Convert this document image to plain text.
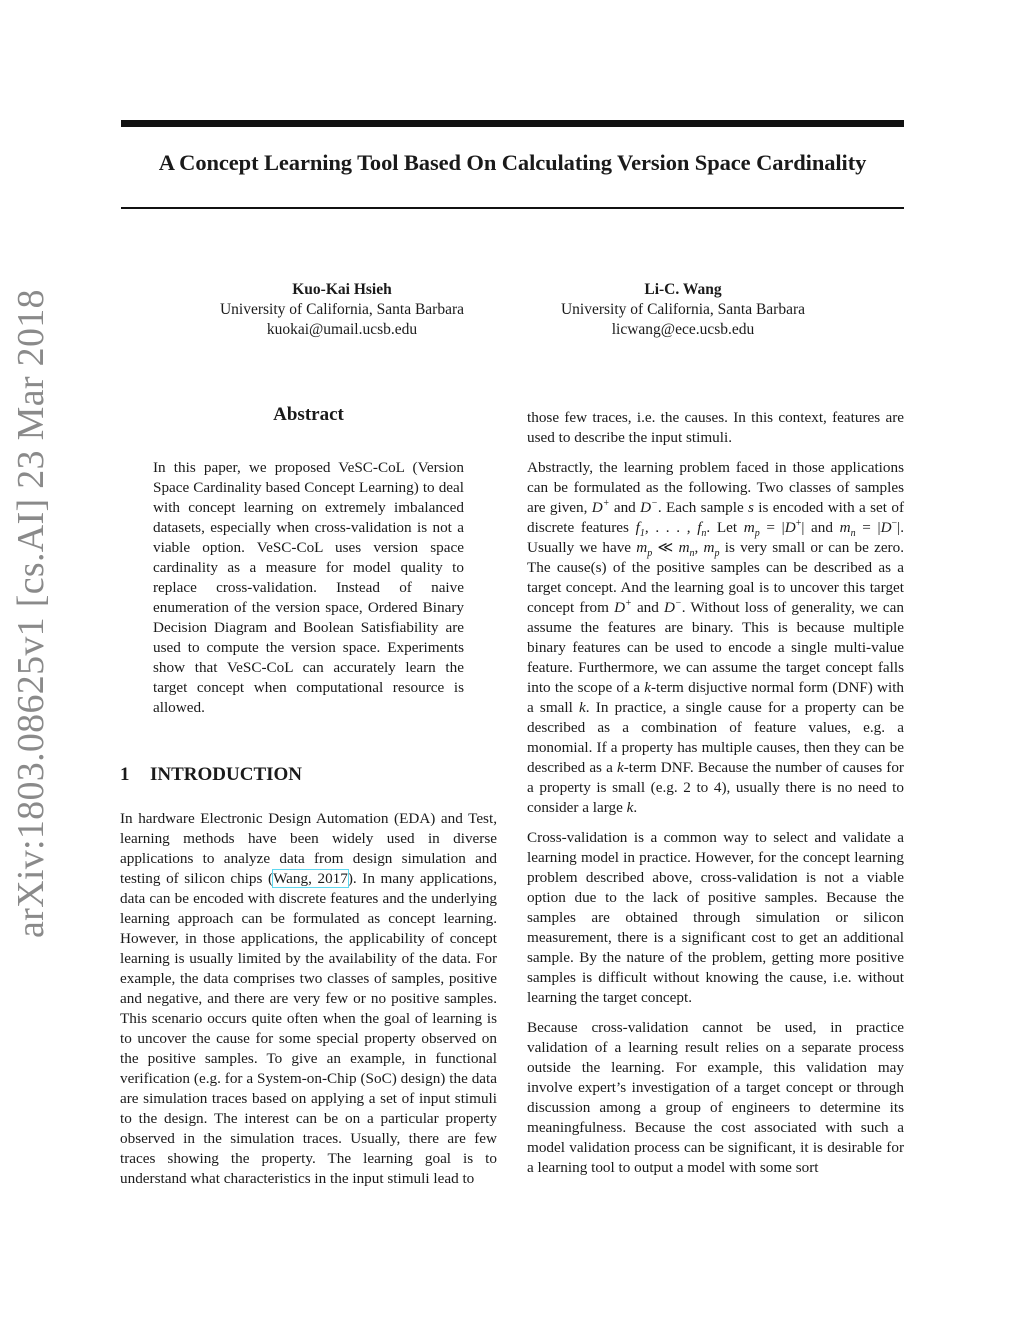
arXiv:1803.08625v1 [cs.AI] 23 Mar 2018
A Concept Learning Tool Based On Calculating Version Space Cardinality
Kuo-Kai Hsieh
University of California, Santa Barbara
kuokai@umail.ucsb.edu
Li-C. Wang
University of California, Santa Barbara
licwang@ece.ucsb.edu
Abstract

In this paper, we proposed VeSC-CoL (Version Space Cardinality based Concept Learning) to deal with concept learning on extremely imbalanced datasets, especially when cross-validation is not a viable option. VeSC-CoL uses version space cardinality as a measure for model quality to replace cross-validation. Instead of naive enumeration of the version space, Ordered Binary Decision Diagram and Boolean Satisfiability are used to compute the version space. Experiments show that VeSC-CoL can accurately learn the target concept when computational resource is allowed.

1 INTRODUCTION

In hardware Electronic Design Automation (EDA) and Test, learning methods have been widely used in diverse applications to analyze data from design simulation and testing of silicon chips (Wang, 2017). In many applications, data can be encoded with discrete features and the underlying learning approach can be formulated as concept learning. However, in those applications, the applicability of concept learning is usually limited by the availability of the data. For example, the data comprises two classes of samples, positive and negative, and there are very few or no positive samples. This scenario occurs quite often when the goal of learning is to uncover the cause for some special property observed on the positive samples. To give an example, in functional verification (e.g. for a System-on-Chip (SoC) design) the data are simulation traces based on applying a set of input stimuli to the design. The interest can be on a particular property observed in the simulation traces. Usually, there are few traces showing the property. The learning goal is to understand what characteristics in the input stimuli lead to

those few traces, i.e. the causes. In this context, features are used to describe the input stimuli.

Abstractly, the learning problem faced in those applications can be formulated as the following. Two classes of samples are given, D+ and D−. Each sample s is encoded with a set of discrete features $f_1$, . . . , $f_n$. Let $m_p = |D^+|$ and $m_n = |D^-|$. Usually we have $m_p$ ≪ $m_n$, $m_p$ is very small or can be zero. The cause(s) of the positive samples can be described as a target concept. And the learning goal is to uncover this target concept from D+ and D−. Without loss of generality, we can assume the features are binary. This is because multiple binary features can be used to encode a single multi-value feature. Furthermore, we can assume the target concept falls into the scope of a k-term disjuctive normal form (DNF) with a small k. In practice, a single cause for a property can be described as a combination of feature values, e.g. a monomial. If a property has multiple causes, then they can be described as a k-term DNF. Because the number of causes for a property is small (e.g. 2 to 4), usually there is no need to consider a large k.

Cross-validation is a common way to select and validate a learning model in practice. However, for the concept learning problem described above, cross-validation is not a viable option due to the lack of positive samples. Because the samples are obtained through simulation or silicon measurement, there is a significant cost to get an additional sample. By the nature of the problem, getting more positive samples is difficult without knowing the cause, i.e. without learning the target concept.

Because cross-validation cannot be used, in practice validation of a learning result relies on a separate process outside the learning. For example, this validation may involve expert’s investigation of a target concept or through discussion among a group of engineers to determine its meaningfulness. Because the cost associated with such a model validation process can be significant, it is desirable for a learning tool to output a model with some sort
